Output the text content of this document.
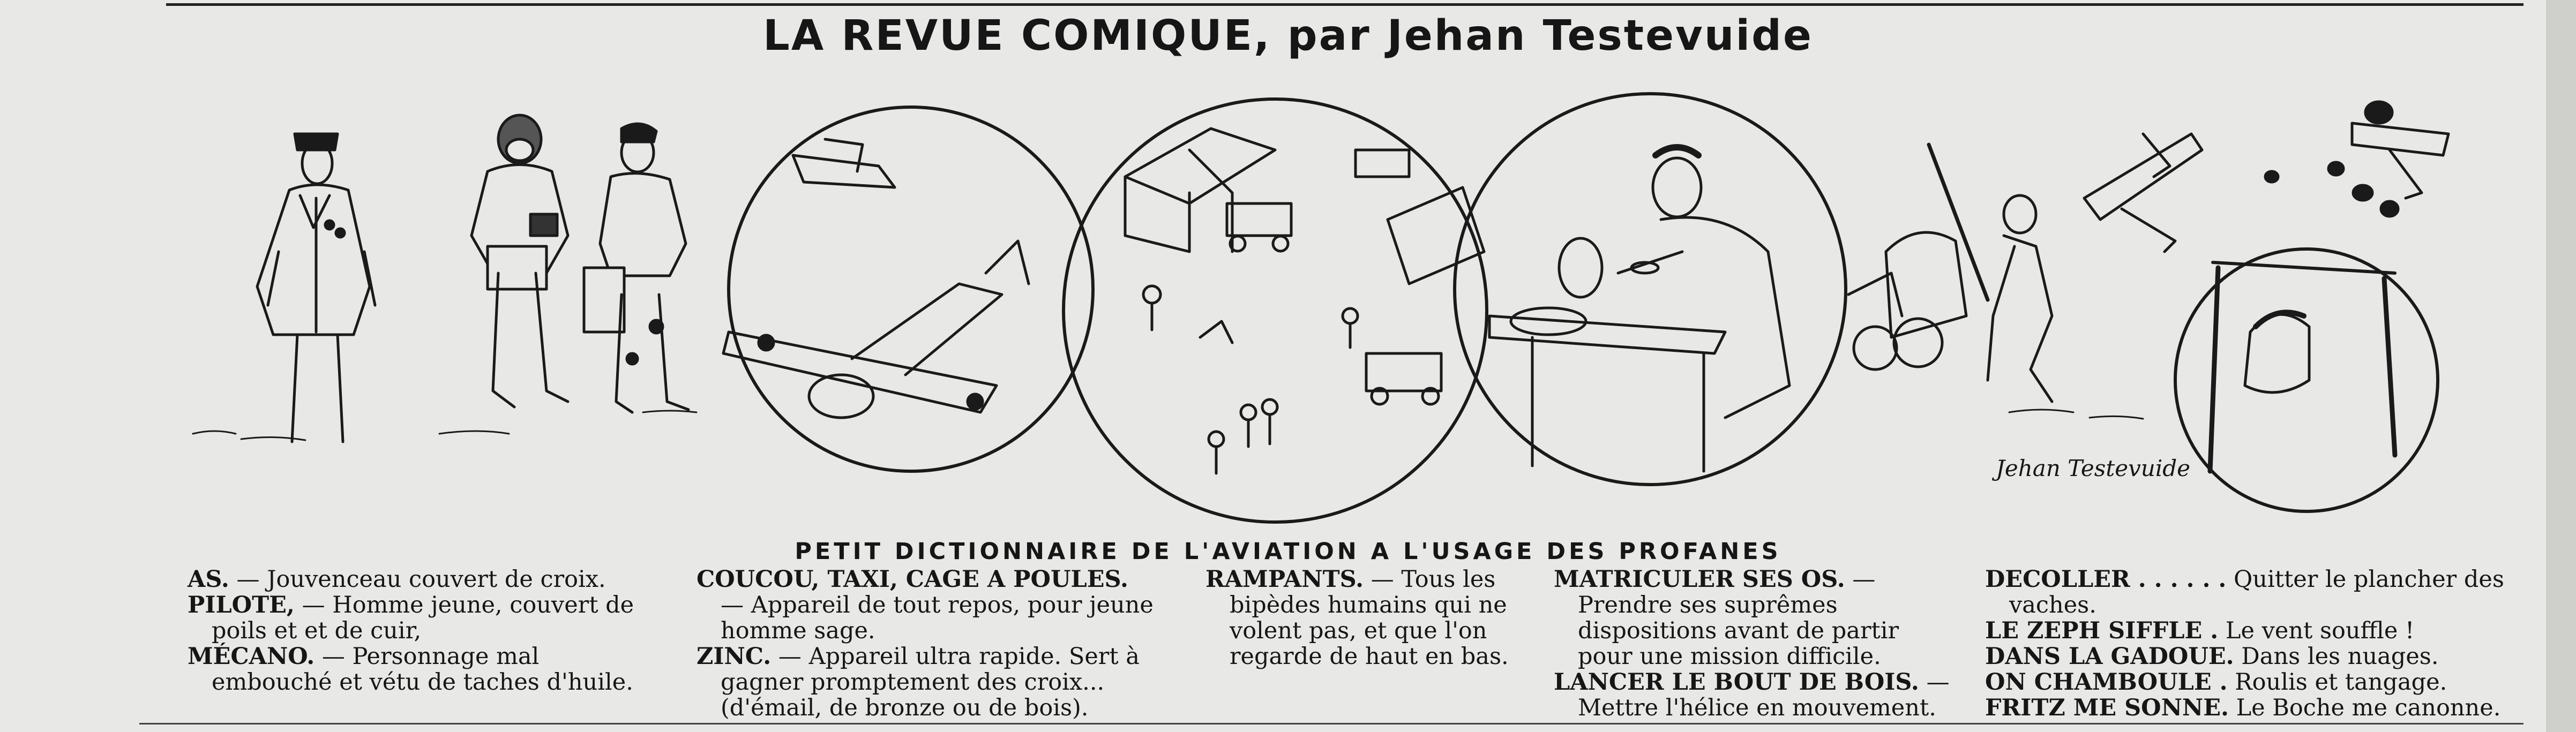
LA REVUE COMIQUE, par Jehan Testevuide
Jehan Testevuide
PETIT DICTIONNAIRE DE L'AVIATION A L'USAGE DES PROFANES

AS. — Jouvenceau couvert de croix.

PILOTE, — Homme jeune, couvert de poils et et de cuir,

MÉCANO. — Personnage mal embouché et vétu de taches d'huile.

COUCOU, TAXI, CAGE A POULES. — Appareil de tout repos, pour jeune homme sage.

ZINC. — Appareil ultra rapide. Sert à gagner promptement des croix... (d'émail, de bronze ou de bois).

RAMPANTS. — Tous les bipèdes humains qui ne volent pas, et que l'on regarde de haut en bas.

MATRICULER SES OS. — Prendre ses suprêmes dispositions avant de partir pour une mission difficile.

LANCER LE BOUT DE BOIS. — Mettre l'hélice en mouvement.

DECOLLER . . . . . . Quitter le plancher des vaches.

LE ZEPH SIFFLE . Le vent souffle !

DANS LA GADOUE. Dans les nuages.

ON CHAMBOULE . Roulis et tangage.

FRITZ ME SONNE. Le Boche me canonne.
